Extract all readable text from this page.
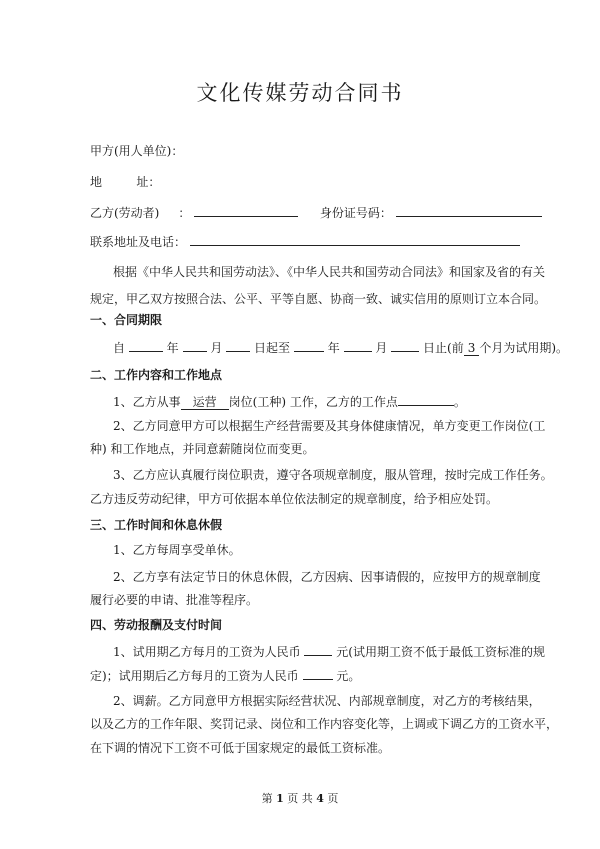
文化传媒劳动合同书
甲方(用人单位)：
地         址：
乙方(劳动者)     ：	身份证号码：
联系地址及电话：
根据《中华人民共和国劳动法》、《中华人民共和国劳动合同法》和国家及省的有关
规定，甲乙双方按照合法、公平、平等自愿、协商一致、诚实信用的原则订立本合同。
一、合同期限
自	年	月	日起至	年	月	日止(前 3 个月为试用期)。
二、工作内容和工作地点
1、乙方从事 运营 岗位(工种) 工作，乙方的工作点	。
2、乙方同意甲方可以根据生产经营需要及其身体健康情况，单方变更工作岗位(工
种) 和工作地点，并同意薪随岗位而变更。
3、乙方应认真履行岗位职责，遵守各项规章制度，服从管理，按时完成工作任务。
乙方违反劳动纪律，甲方可依据本单位依法制定的规章制度，给予相应处罚。
三、工作时间和休息休假
1、乙方每周享受单休。
2、乙方享有法定节日的休息休假，乙方因病、因事请假的，应按甲方的规章制度
履行必要的申请、批准等程序。
四、劳动报酬及支付时间
1、试用期乙方每月的工资为人民币	元(试用期工资不低于最低工资标准的规
定)；试用期后乙方每月的工资为人民币	元。
2、调薪。乙方同意甲方根据实际经营状况、内部规章制度，对乙方的考核结果，
以及乙方的工作年限、奖罚记录、岗位和工作内容变化等，上调或下调乙方的工资水平，
在下调的情况下工资不可低于国家规定的最低工资标准。
第 1 页 共 4 页
